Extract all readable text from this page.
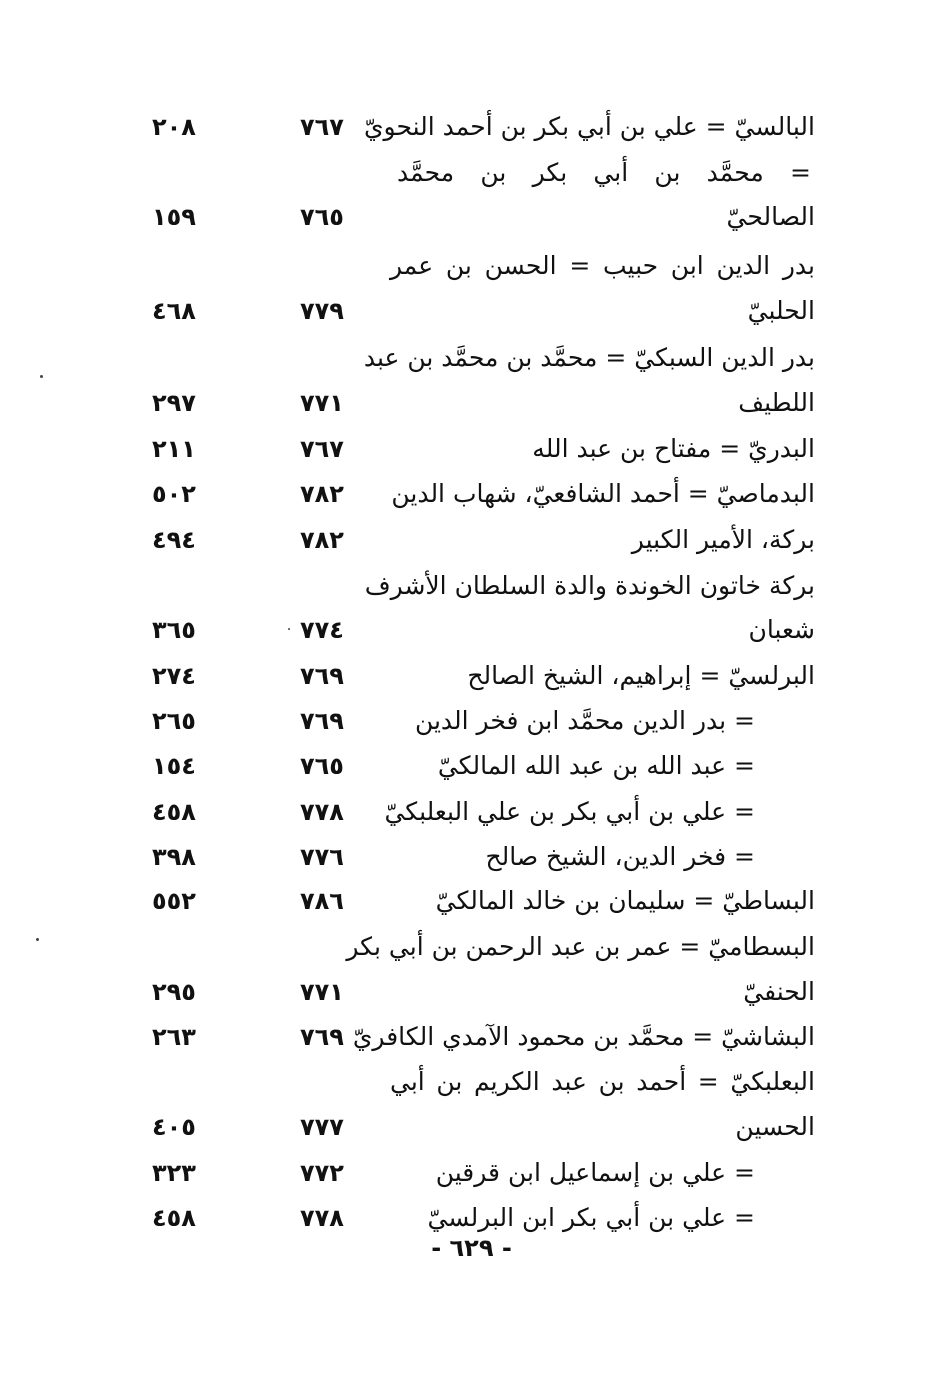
البالسيّ = علي بن أبي بكر بن أحمد النحويّ
٧٦٧
٢٠٨
= محمَّد بن أبي بكر بن محمَّد
الصالحيّ
٧٦٥
١٥٩
بدر الدين ابن حبيب = الحسن بن عمر
الحلبيّ
٧٧٩
٤٦٨
بدر الدين السبكيّ = محمَّد بن محمَّد بن عبد
اللطيف
٧٧١
٢٩٧
البدريّ = مفتاح بن عبد الله
٧٦٧
٢١١
البدماصيّ = أحمد الشافعيّ، شهاب الدين
٧٨٢
٥٠٢
بركة، الأمير الكبير
٧٨٢
٤٩٤
بركة خاتون الخوندة والدة السلطان الأشرف
شعبان
٧٧٤
٣٦٥
البرلسيّ = إبراهيم، الشيخ الصالح
٧٦٩
٢٧٤
= بدر الدين محمَّد ابن فخر الدين
٧٦٩
٢٦٥
= عبد الله بن عبد الله المالكيّ
٧٦٥
١٥٤
= علي بن أبي بكر بن علي البعلبكيّ
٧٧٨
٤٥٨
= فخر الدين، الشيخ صالح
٧٧٦
٣٩٨
البساطيّ = سليمان بن خالد المالكيّ
٧٨٦
٥٥٢
البسطاميّ = عمر بن عبد الرحمن بن أبي بكر
الحنفيّ
٧٧١
٢٩٥
البشاشيّ = محمَّد بن محمود الآمدي الكافريّ
٧٦٩
٢٦٣
البعلبكيّ = أحمد بن عبد الكريم بن أبي
الحسين
٧٧٧
٤٠٥
= علي بن إسماعيل ابن قرقين
٧٧٢
٣٢٣
= علي بن أبي بكر ابن البرلسيّ
٧٧٨
٤٥٨
- ٦٢٩ -
